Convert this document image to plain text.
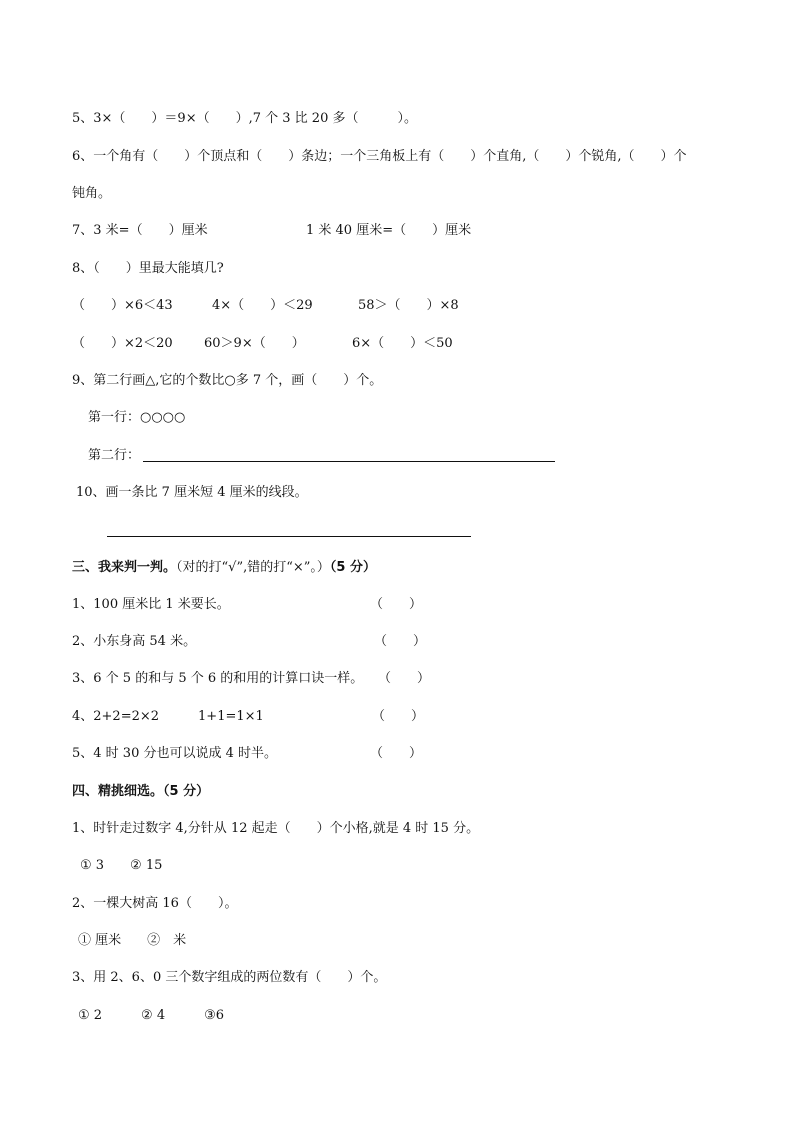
5、3×（　　）＝9×（　　）,7 个 3 比 20 多（　　　）。
6、一个角有（　　）个顶点和（　　）条边；一个三角板上有（　　）个直角,（　　）个锐角,（　　）个
钝角。
7、3 米=（　　）厘米	1 米 40 厘米=（　　）厘米
8、（　　）里最大能填几?
（　　）×6＜43	4×（　　）＜29	58＞（　　）×8
（　　）×2＜20 60＞9×（　　）	6×（　　）＜50
9、第二行画△,它的个数比○多 7 个，画（　　）个。
第一行：○○○○
第二行：
10、画一条比 7 厘米短 4 厘米的线段。
三、我来判一判。（对的打“√”,错的打“×”。）（5 分）
1、100 厘米比 1 米要长。	（　　）
2、小东身高 54 米。	（　　）
3、6 个 5 的和与 5 个 6 的和用的计算口诀一样。 （　　）
4、2+2=2×2　　　1+1=1×1	（　　）
5、4 时 30 分也可以说成 4 时半。	（　　）
四、精挑细选。（5 分）
1、时针走过数字 4,分针从 12 起走（　　）个小格,就是 4 时 15 分。
① 3　　② 15
2、一棵大树高 16（　　）。
① 厘米　　②　米
3、用 2、6、0 三个数字组成的两位数有（　　）个。
① 2　　　② 4　　　③6
